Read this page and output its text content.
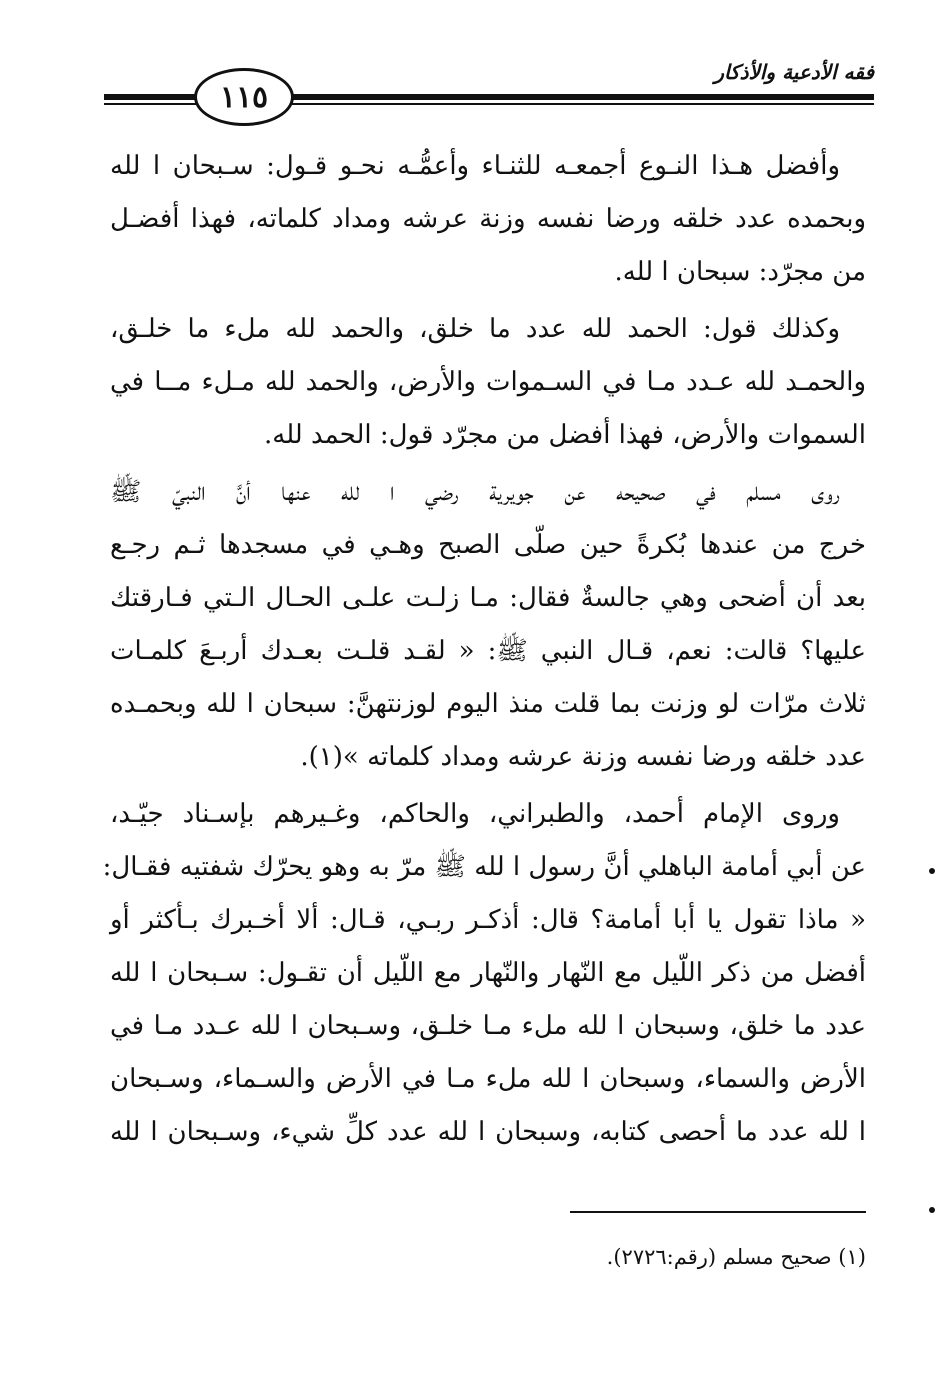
فقه الأدعية والأذكار
١١٥

وأفضل هـذا النـوع أجمعـه للثنـاء وأعمُّـه نحـو قـول: سـبحان ا لله
وبحمده عدد خلقه ورضا نفسه وزنة عرشه ومداد كلماته، فهذا أفضـل
من مجرّد: سبحان ا لله.

وكذلك قول: الحمد لله عدد ما خلق، والحمد لله ملء ما خلـق،
والحمـد لله عـدد مـا في السـموات والأرض، والحمد لله مـلء مــا في
السموات والأرض، فهذا أفضل من مجرّد قول: الحمد لله.

روى مسلم في صحيحه عن جويرية رضي ا لله عنها أنَّ النبيّ ﷺ
خرج من عندها بُكرةً حين صلّى الصبح وهـي في مسجدها ثـم رجـع
بعد أن أضحى وهي جالسةٌ فقال: مـا زلـت علـى الحـال الـتي فـارقتك
عليها؟ قالت: نعم، قـال النبي ﷺ: « لقـد قلـت بعـدك أربـعَ كلمـات
ثلاث مرّات لو وزنت بما قلت منذ اليوم لوزنتهنَّ: سبحان ا لله وبحمـده
عدد خلقه ورضا نفسه وزنة عرشه ومداد كلماته »(١).

وروى الإمام أحمد، والطبراني، والحاكم، وغـيرهم بإسـناد جيّـد،
عن أبي أمامة الباهلي أنَّ رسول ا لله ﷺ مرّ به وهو يحرّك شفتيه فقـال:
« ماذا تقول يا أبا أمامة؟ قال: أذكـر ربـي، قـال: ألا أخـبرك بـأكثر أو
أفضل من ذكر اللّيل مع النّهار والنّهار مع اللّيل أن تقـول: سـبحان ا لله
عدد ما خلق، وسبحان ا لله ملء مـا خلـق، وسـبحان ا لله عـدد مـا في
الأرض والسماء، وسبحان ا لله ملء مـا في الأرض والسـماء، وسـبحان
ا لله عدد ما أحصى كتابه، وسبحان ا لله عدد كلِّ شيء، وسـبحان ا لله

(١) صحيح مسلم (رقم:٢٧٢٦).
